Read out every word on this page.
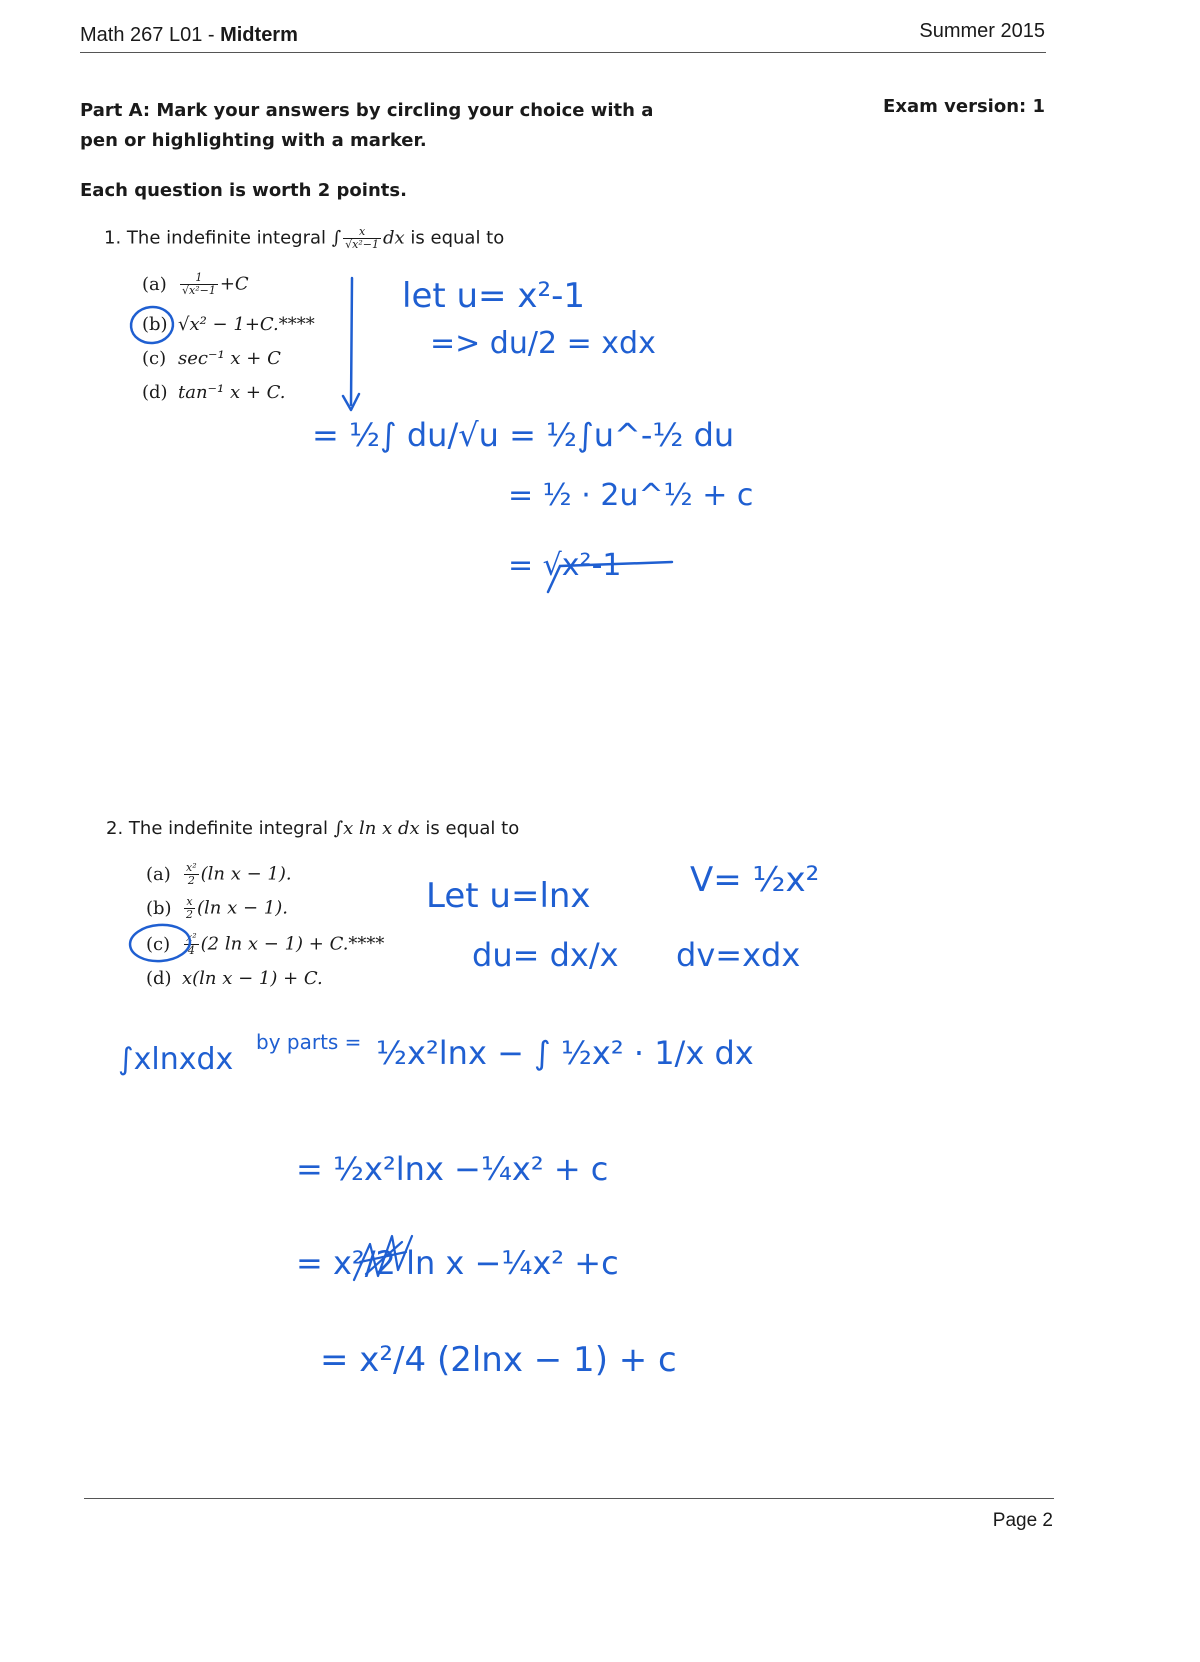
Math 267 L01 - Midterm	Summer 2015
Part A: Mark your answers by circling your choice with a pen or highlighting with a marker.
Exam version: 1
Each question is worth 2 points.
1. The indefinite integral ∫ $\frac{x}{\text{√x²−1}}$ dx is equal to
$(a) \frac{1}{\text{√x²−1}} +C$
(b) √x² − 1+C.****
(c) sec⁻¹ x + C
(d) tan⁻¹ x + C.
let u= x²-1
=> du/2 = xdx
= ½∫ du/√u = ½∫u^-½ du
= ½ · 2u^½ + c
= √x²-1
2. The indefinite integral ∫x ln x dx is equal to
$(a) \frac{\text{x²}}{2} (\ln$ x − 1).
$(b) \frac{x}{2} (\ln$ x − 1).
$(c) \frac{\text{x²}}{4} (2$ ln x − 1) + C.****
(d) x(ln x − 1) + C.
Let u=lnx	V= ½x²
du= dx/x dv=xdx
∫xlnxdx by parts = ½x²lnx − ∫ ½x² · 1/x dx
= ½x²lnx −¼x² + c
= x²/2 ln x −¼x² +c
= x²/4 (2lnx − 1) + c
Page 2
